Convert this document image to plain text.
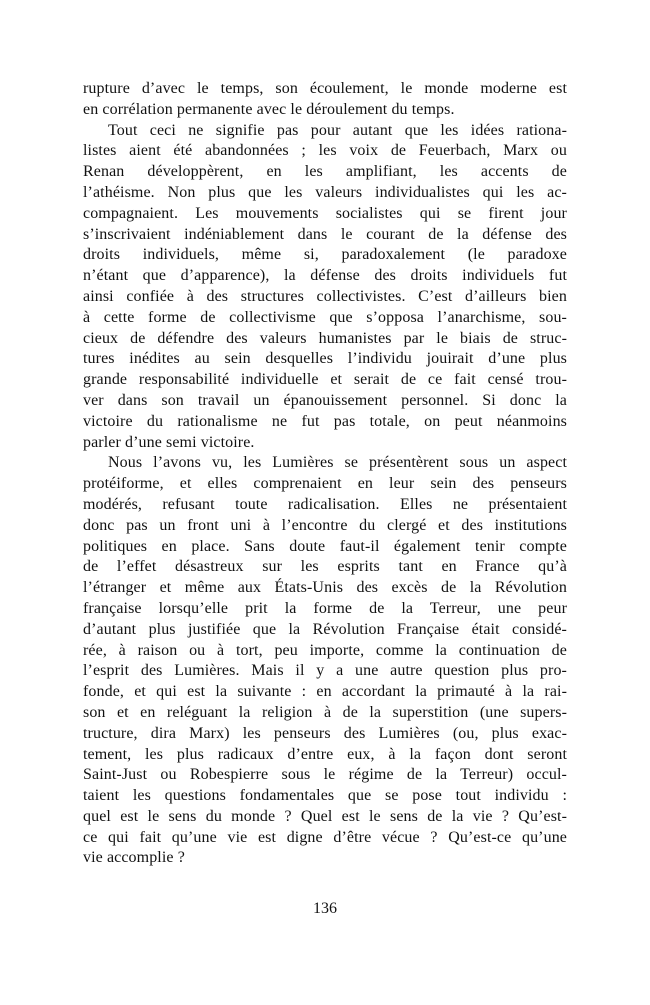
rupture d’avec le temps, son écoulement, le monde moderne est
en corrélation permanente avec le déroulement du temps.
Tout ceci ne signifie pas pour autant que les idées rationa-
listes aient été abandonnées ; les voix de Feuerbach, Marx ou
Renan développèrent, en les amplifiant, les accents de
l’athéisme. Non plus que les valeurs individualistes qui les ac-
compagnaient. Les mouvements socialistes qui se firent jour
s’inscrivaient indéniablement dans le courant de la défense des
droits individuels, même si, paradoxalement (le paradoxe
n’étant que d’apparence), la défense des droits individuels fut
ainsi confiée à des structures collectivistes. C’est d’ailleurs bien
à cette forme de collectivisme que s’opposa l’anarchisme, sou-
cieux de défendre des valeurs humanistes par le biais de struc-
tures inédites au sein desquelles l’individu jouirait d’une plus
grande responsabilité individuelle et serait de ce fait censé trou-
ver dans son travail un épanouissement personnel. Si donc la
victoire du rationalisme ne fut pas totale, on peut néanmoins
parler d’une semi victoire.
Nous l’avons vu, les Lumières se présentèrent sous un aspect
protéiforme, et elles comprenaient en leur sein des penseurs
modérés, refusant toute radicalisation. Elles ne présentaient
donc pas un front uni à l’encontre du clergé et des institutions
politiques en place. Sans doute faut-il également tenir compte
de l’effet désastreux sur les esprits tant en France qu’à
l’étranger et même aux États-Unis des excès de la Révolution
française lorsqu’elle prit la forme de la Terreur, une peur
d’autant plus justifiée que la Révolution Française était considé-
rée, à raison ou à tort, peu importe, comme la continuation de
l’esprit des Lumières. Mais il y a une autre question plus pro-
fonde, et qui est la suivante : en accordant la primauté à la rai-
son et en reléguant la religion à de la superstition (une supers-
tructure, dira Marx) les penseurs des Lumières (ou, plus exac-
tement, les plus radicaux d’entre eux, à la façon dont seront
Saint-Just ou Robespierre sous le régime de la Terreur) occul-
taient les questions fondamentales que se pose tout individu :
quel est le sens du monde ? Quel est le sens de la vie ? Qu’est-
ce qui fait qu’une vie est digne d’être vécue ? Qu’est-ce qu’une
vie accomplie ?
136
